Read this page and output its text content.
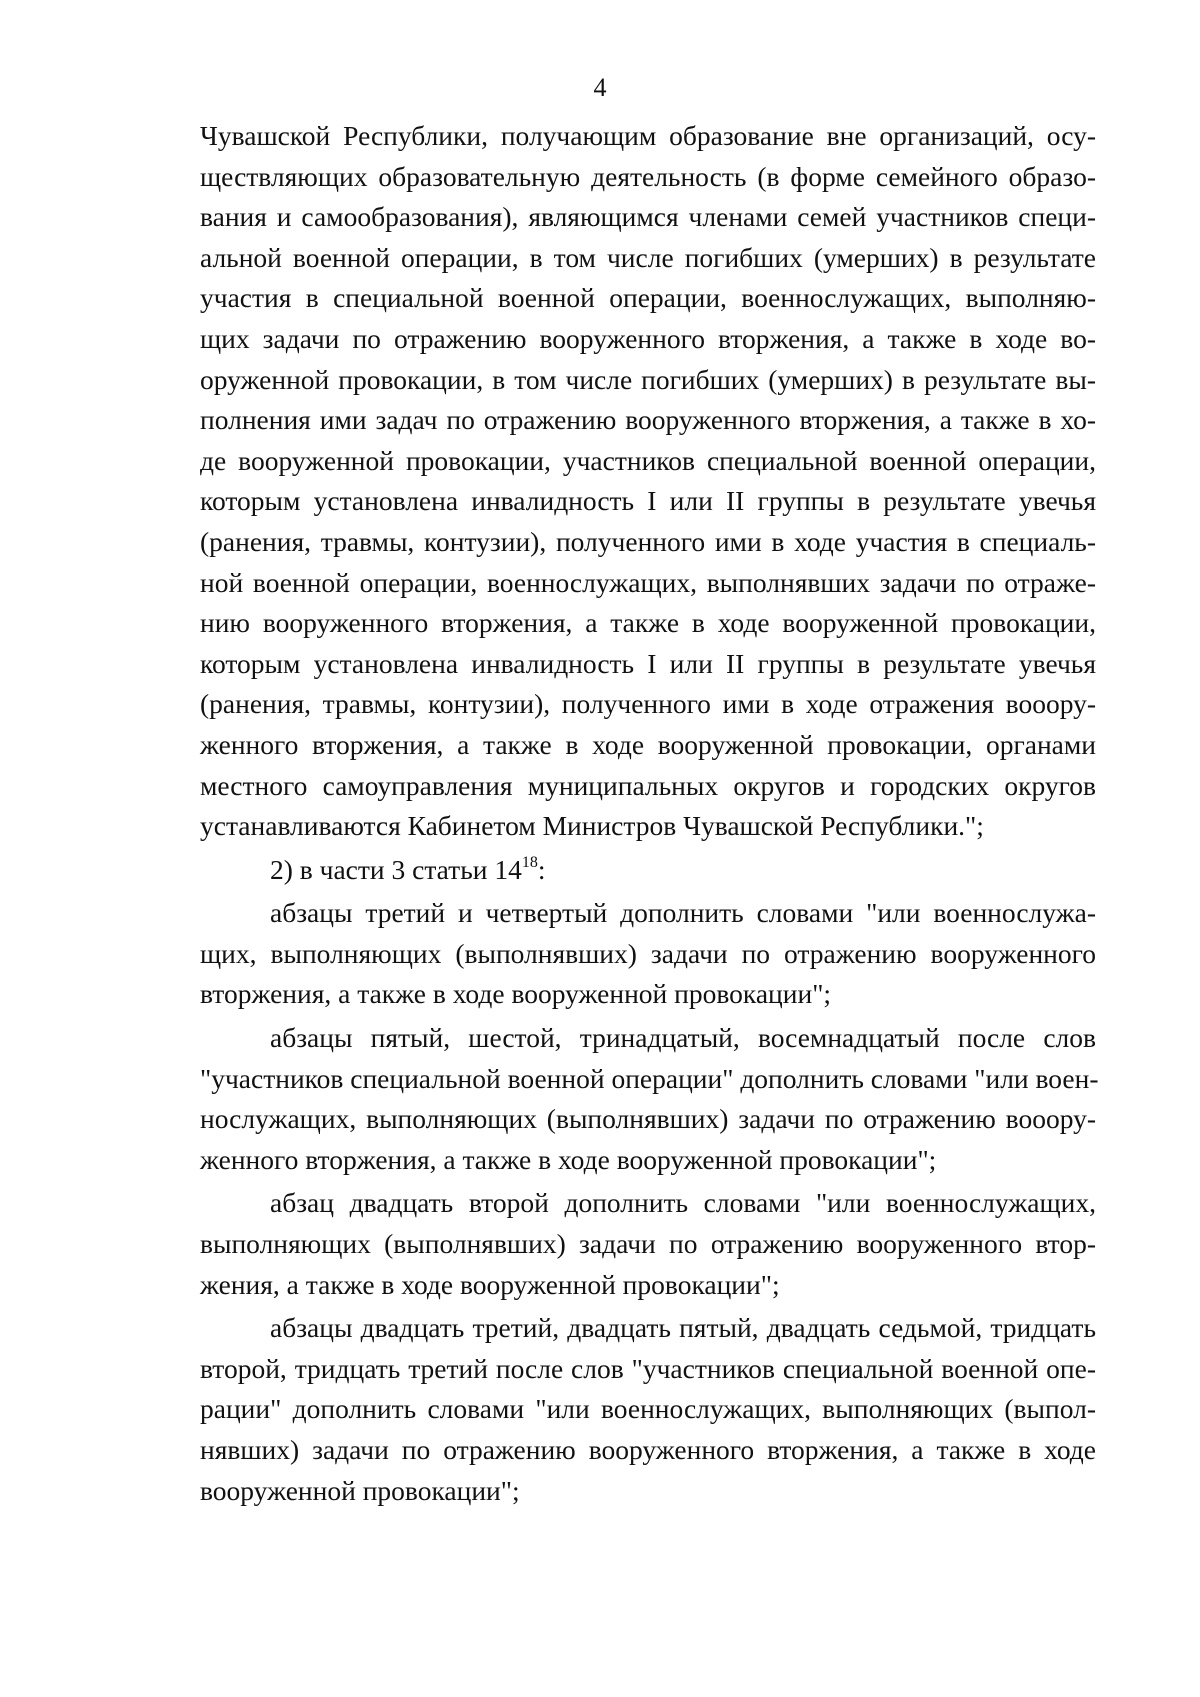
4
Чувашской Республики, получающим образование вне организаций, осу-
ществляющих образовательную деятельность (в форме семейного образо-
вания и самообразования), являющимся членами семей участников специ-
альной военной операции, в том числе погибших (умерших) в результате
участия в специальной военной операции, военнослужащих, выполняю-
щих задачи по отражению вооруженного вторжения, а также в ходе во-
оруженной провокации, в том числе погибших (умерших) в результате вы-
полнения ими задач по отражению вооруженного вторжения, а также в хо-
де вооруженной провокации, участников специальной военной операции,
которым установлена инвалидность I или II группы в результате увечья
(ранения, травмы, контузии), полученного ими в ходе участия в специаль-
ной военной операции, военнослужащих, выполнявших задачи по отраже-
нию вооруженного вторжения, а также в ходе вооруженной провокации,
которым установлена инвалидность I или II группы в результате увечья
(ранения, травмы, контузии), полученного ими в ходе отражения вооору-
женного вторжения, а также в ходе вооруженной провокации, органами
местного самоуправления муниципальных округов и городских округов
устанавливаются Кабинетом Министров Чувашской Республики.";
2) в части 3 статьи $14^{18}$:
абзацы третий и четвертый дополнить словами "или военнослужа-
щих, выполняющих (выполнявших) задачи по отражению вооруженного
вторжения, а также в ходе вооруженной провокации";
абзацы пятый, шестой, тринадцатый, восемнадцатый после слов
"участников специальной военной операции" дополнить словами "или воен-
нослужащих, выполняющих (выполнявших) задачи по отражению вооору-
женного вторжения, а также в ходе вооруженной провокации";
абзац двадцать второй дополнить словами "или военнослужащих,
выполняющих (выполнявших) задачи по отражению вооруженного втор-
жения, а также в ходе вооруженной провокации";
абзацы двадцать третий, двадцать пятый, двадцать седьмой, тридцать
второй, тридцать третий после слов "участников специальной военной опе-
рации" дополнить словами "или военнослужащих, выполняющих (выпол-
нявших) задачи по отражению вооруженного вторжения, а также в ходе
вооруженной провокации";
